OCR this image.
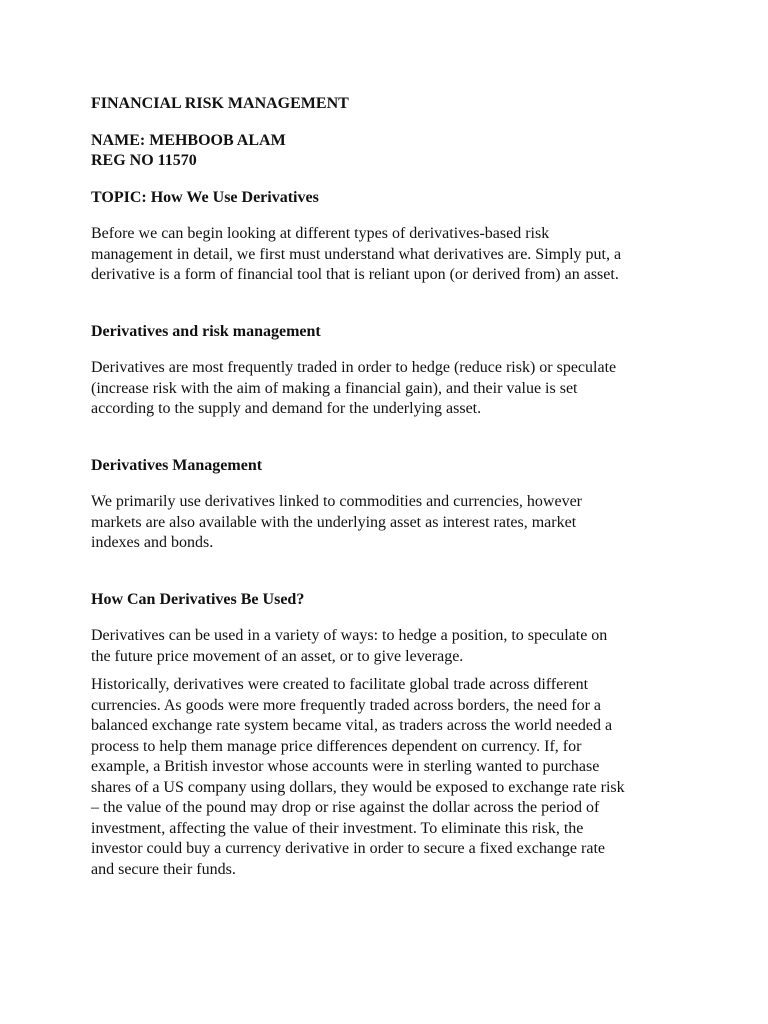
FINANCIAL RISK MANAGEMENT
NAME: MEHBOOB ALAM
REG NO 11570
TOPIC: How We Use Derivatives
Before we can begin looking at different types of derivatives-based risk
management in detail, we first must understand what derivatives are. Simply put, a
derivative is a form of financial tool that is reliant upon (or derived from) an asset.
Derivatives and risk management
Derivatives are most frequently traded in order to hedge (reduce risk) or speculate
(increase risk with the aim of making a financial gain), and their value is set
according to the supply and demand for the underlying asset.
Derivatives Management
We primarily use derivatives linked to commodities and currencies, however
markets are also available with the underlying asset as interest rates, market
indexes and bonds.
How Can Derivatives Be Used?
Derivatives can be used in a variety of ways: to hedge a position, to speculate on
the future price movement of an asset, or to give leverage.
Historically, derivatives were created to facilitate global trade across different
currencies. As goods were more frequently traded across borders, the need for a
balanced exchange rate system became vital, as traders across the world needed a
process to help them manage price differences dependent on currency. If, for
example, a British investor whose accounts were in sterling wanted to purchase
shares of a US company using dollars, they would be exposed to exchange rate risk
– the value of the pound may drop or rise against the dollar across the period of
investment, affecting the value of their investment. To eliminate this risk, the
investor could buy a currency derivative in order to secure a fixed exchange rate
and secure their funds.
